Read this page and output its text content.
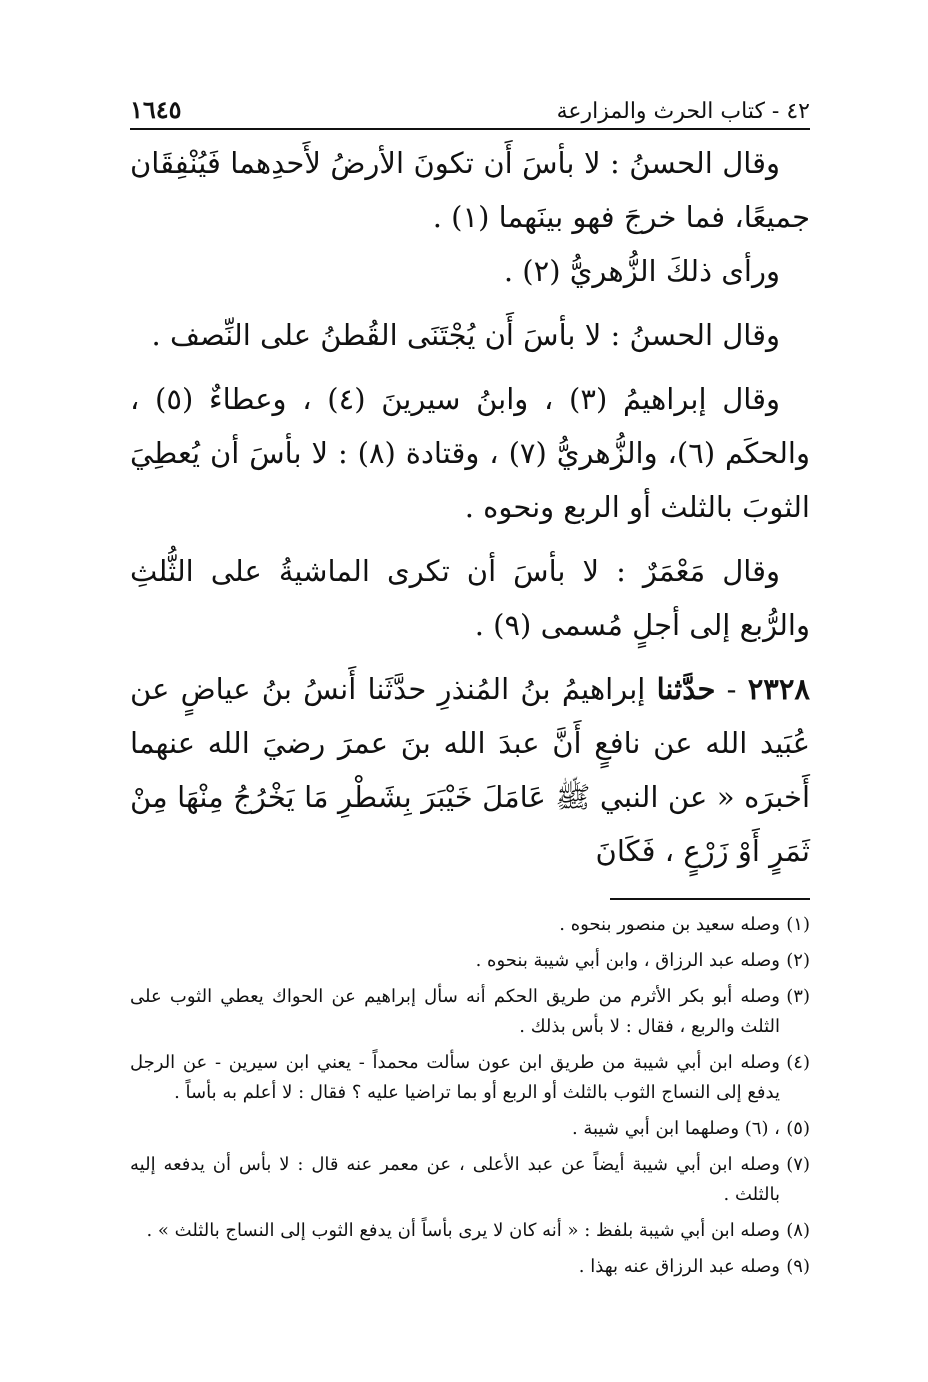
٤٢ - كتاب الحرث والمزارعة
١٦٤٥

وقال الحسنُ : لا بأسَ أَن تكونَ الأرضُ لأَحدِهما فَيُنْفِقَان جميعًا، فما خرجَ فهو بينَهما (١) .

ورأى ذلكَ الزُّهريُّ (٢) .

وقال الحسنُ : لا بأسَ أَن يُجْتَنَى القُطنُ على النِّصف .

وقال إبراهيمُ (٣) ، وابنُ سيرينَ (٤) ، وعطاءٌ (٥) ، والحكَم (٦)، والزُّهريُّ (٧) ، وقتادة (٨) : لا بأسَ أن يُعطِيَ الثوبَ بالثلث أو الربع ونحوه .

وقال مَعْمَرٌ : لا بأسَ أن تكرى الماشيةُ على الثُّلثِ والرُّبع إلى أجلٍ مُسمى (٩) .

٢٣٢٨ - حدَّثنا إبراهيمُ بنُ المُنذرِ حدَّثَنا أَنسُ بنُ عياضٍ عن عُبَيد الله عن نافعٍ أَنَّ عبدَ الله بنَ عمرَ رضيَ الله عنهما أَخبرَه « عن النبي ﷺ عَامَلَ خَيْبَرَ بِشَطْرِ مَا يَخْرُجُ مِنْهَا مِنْ ثَمَرٍ أَوْ زَرْعٍ ، فَكَانَ

(١)
وصله سعيد بن منصور بنحوه .
(٢)
وصله عبد الرزاق ، وابن أبي شيبة بنحوه .
(٣)
وصله أبو بكر الأثرم من طريق الحكم أنه سأل إبراهيم عن الحواك يعطي الثوب على الثلث والربع ، فقال : لا بأس بذلك .
(٤)
وصله ابن أبي شيبة من طريق ابن عون سألت محمداً - يعني ابن سيرين - عن الرجل يدفع إلى النساج الثوب بالثلث أو الربع أو بما تراضيا عليه ؟ فقال : لا أعلم به بأساً .
(٥)
، (٦) وصلهما ابن أبي شيبة .
(٧)
وصله ابن أبي شيبة أيضاً عن عبد الأعلى ، عن معمر عنه قال : لا بأس أن يدفعه إليه بالثلث .
(٨)
وصله ابن أبي شيبة بلفظ : « أنه كان لا يرى بأساً أن يدفع الثوب إلى النساج بالثلث » .
(٩)
وصله عبد الرزاق عنه بهذا .
